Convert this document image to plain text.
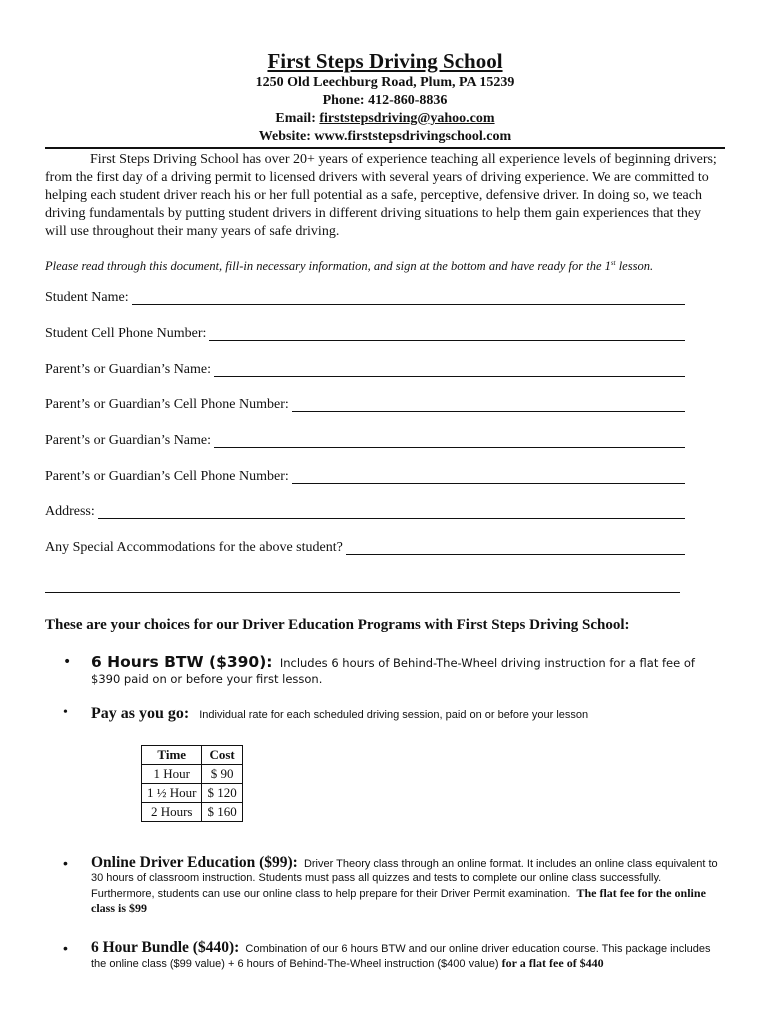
First Steps Driving School
1250 Old Leechburg Road, Plum, PA 15239
Phone: 412-860-8836
Email: firststepsdriving@yahoo.com
Website: www.firststepsdrivingschool.com

First Steps Driving School has over 20+ years of experience teaching all experience levels of beginning drivers; from the first day of a driving permit to licensed drivers with several years of driving experience. We are committed to helping each student driver reach his or her full potential as a safe, perceptive, defensive driver. In doing so, we teach driving fundamentals by putting student drivers in different driving situations to help them gain experiences that they will use throughout their many years of safe driving.

Please read through this document, fill-in necessary information, and sign at the bottom and have ready for the 1st lesson.
Student Name:
Student Cell Phone Number:
Parent’s or Guardian’s Name:
Parent’s or Guardian’s Cell Phone Number:
Parent’s or Guardian’s Name:
Parent’s or Guardian’s Cell Phone Number:
Address:
Any Special Accommodations for the above student?
These are your choices for our Driver Education Programs with First Steps Driving School:
• 6 Hours BTW ($390): Includes 6 hours of Behind-The-Wheel driving instruction for a flat fee of $390 paid on or before your first lesson.
• Pay as you go: Individual rate for each scheduled driving session, paid on or before your lesson
Time	Cost
1 Hour	$ 90
1 ½ Hour	$ 120
2 Hours	$ 160
• Online Driver Education ($99): Driver Theory class through an online format. It includes an online class equivalent to 30 hours of classroom instruction. Students must pass all quizzes and tests to complete our online class successfully. Furthermore, students can use our online class to help prepare for their Driver Permit examination. The flat fee for the online class is $99
• 6 Hour Bundle ($440): Combination of our 6 hours BTW and our online driver education course. This package includes the online class ($99 value) + 6 hours of Behind-The-Wheel instruction ($400 value) for a flat fee of $440
